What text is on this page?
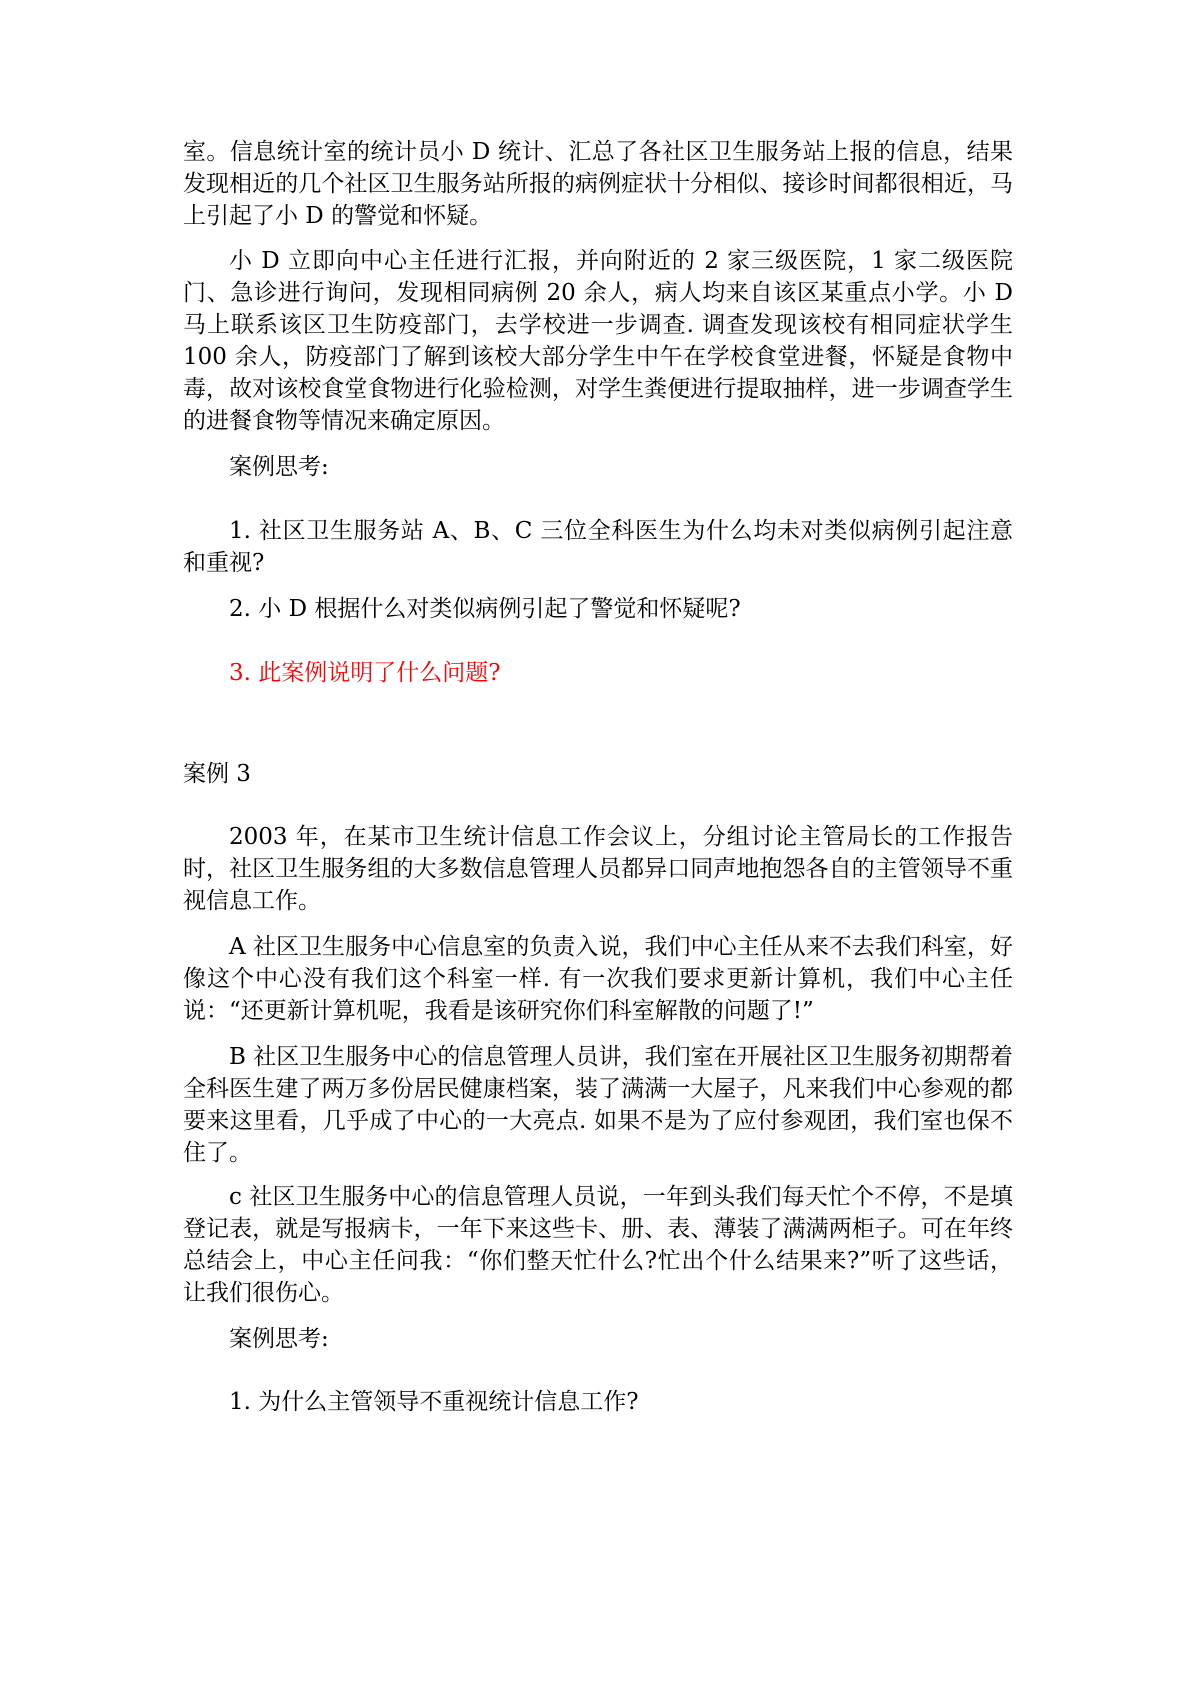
室。信息统计室的统计员小 D 统计、汇总了各社区卫生服务站上报的信息，结果发现相近的几个社区卫生服务站所报的病例症状十分相似、接诊时间都很相近，马上引起了小 D 的警觉和怀疑。

小 D 立即向中心主任进行汇报，并向附近的 2 家三级医院，1 家二级医院门、急诊进行询问，发现相同病例 20 余人，病人均来自该区某重点小学。小 D 马上联系该区卫生防疫部门，去学校进一步调查. 调查发现该校有相同症状学生 100 余人，防疫部门了解到该校大部分学生中午在学校食堂进餐，怀疑是食物中毒，故对该校食堂食物进行化验检测，对学生粪便进行提取抽样，进一步调查学生的进餐食物等情况来确定原因。

案例思考:

1. 社区卫生服务站 A、B、C 三位全科医生为什么均未对类似病例引起注意和重视?

2. 小 D 根据什么对类似病例引起了警觉和怀疑呢?

3. 此案例说明了什么问题?

案例 3

2003 年，在某市卫生统计信息工作会议上，分组讨论主管局长的工作报告时，社区卫生服务组的大多数信息管理人员都异口同声地抱怨各自的主管领导不重视信息工作。

A 社区卫生服务中心信息室的负责入说，我们中心主任从来不去我们科室，好像这个中心没有我们这个科室一样. 有一次我们要求更新计算机，我们中心主任说：“还更新计算机呢，我看是该研究你们科室解散的问题了!”

B 社区卫生服务中心的信息管理人员讲，我们室在开展社区卫生服务初期帮着全科医生建了两万多份居民健康档案，装了满满一大屋子，凡来我们中心参观的都要来这里看，几乎成了中心的一大亮点. 如果不是为了应付参观团，我们室也保不住了。

c 社区卫生服务中心的信息管理人员说，一年到头我们每天忙个不停，不是填登记表，就是写报病卡，一年下来这些卡、册、表、薄装了满满两柜子。可在年终总结会上，中心主任问我：“你们整天忙什么?忙出个什么结果来?”听了这些话，让我们很伤心。

案例思考:

1. 为什么主管领导不重视统计信息工作?
